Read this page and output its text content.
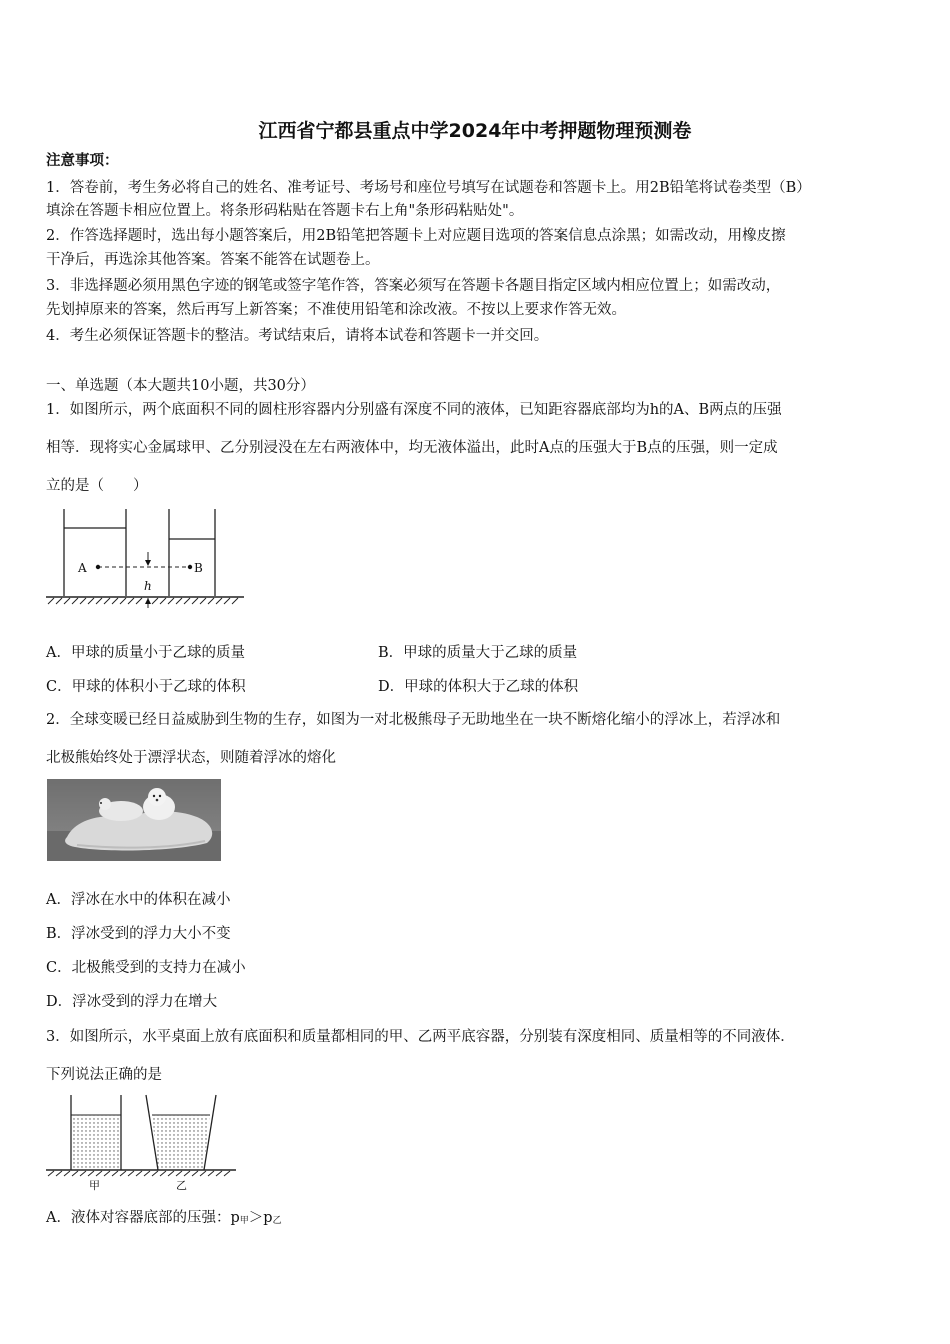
江西省宁都县重点中学2024年中考押题物理预测卷
注意事项：
1．答卷前，考生务必将自己的姓名、准考证号、考场号和座位号填写在试题卷和答题卡上。用2B铅笔将试卷类型（B）
填涂在答题卡相应位置上。将条形码粘贴在答题卡右上角"条形码粘贴处"。
2．作答选择题时，选出每小题答案后，用2B铅笔把答题卡上对应题目选项的答案信息点涂黑；如需改动，用橡皮擦
干净后，再选涂其他答案。答案不能答在试题卷上。
3．非选择题必须用黑色字迹的钢笔或签字笔作答，答案必须写在答题卡各题目指定区域内相应位置上；如需改动，
先划掉原来的答案，然后再写上新答案；不准使用铅笔和涂改液。不按以上要求作答无效。
4．考生必须保证答题卡的整洁。考试结束后，请将本试卷和答题卡一并交回。
一、单选题（本大题共10小题，共30分）
1．如图所示，两个底面积不同的圆柱形容器内分别盛有深度不同的液体，已知距容器底部均为h的A、B两点的压强
相等．现将实心金属球甲、乙分别浸没在左右两液体中，均无液体溢出，此时A点的压强大于B点的压强，则一定成
立的是（　　）
A	B
h
A．甲球的质量小于乙球的质量	B．甲球的质量大于乙球的质量
C．甲球的体积小于乙球的体积	D．甲球的体积大于乙球的体积
2．全球变暖已经日益威胁到生物的生存，如图为一对北极熊母子无助地坐在一块不断熔化缩小的浮冰上，若浮冰和
北极熊始终处于漂浮状态，则随着浮冰的熔化
A．浮冰在水中的体积在减小
B．浮冰受到的浮力大小不变
C．北极熊受到的支持力在减小
D．浮冰受到的浮力在增大
3．如图所示，水平桌面上放有底面积和质量都相同的甲、乙两平底容器，分别装有深度相同、质量相等的不同液体．
下列说法正确的是
甲	乙
A．液体对容器底部的压强：$p_甲>p_乙$
